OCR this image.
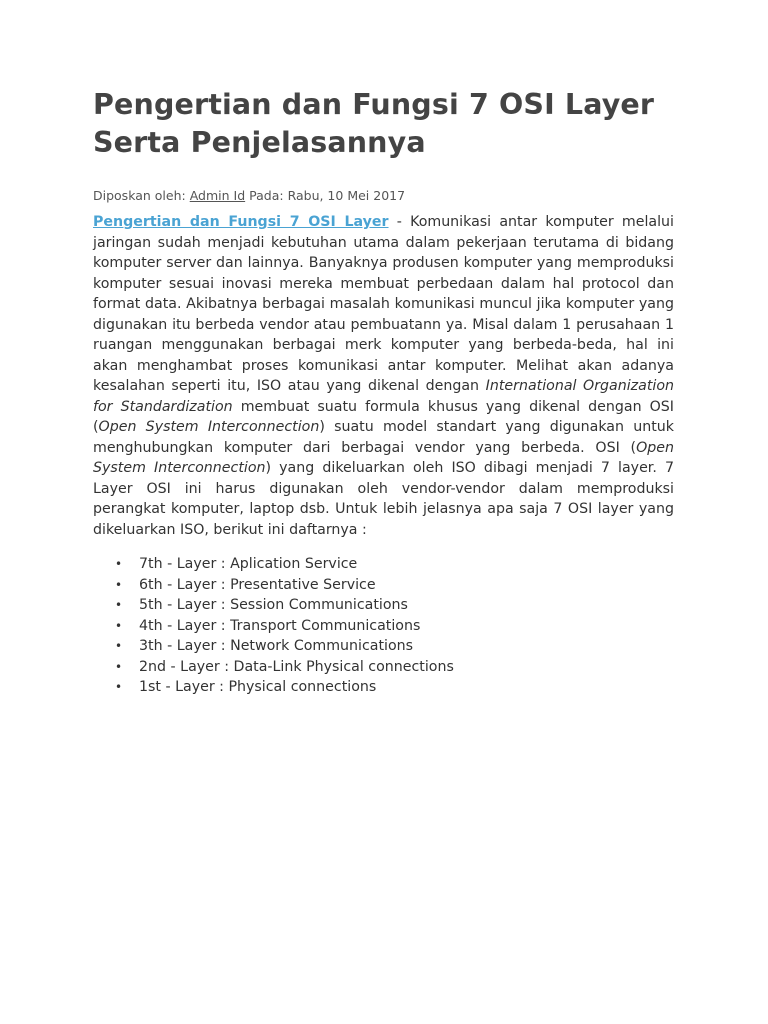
Pengertian dan Fungsi 7 OSI Layer Serta Penjelasannya
Diposkan oleh: Admin Id Pada: Rabu, 10 Mei 2017

Pengertian dan Fungsi 7 OSI Layer - Komunikasi antar komputer melalui jaringan sudah menjadi kebutuhan utama dalam pekerjaan terutama di bidang komputer server dan lainnya. Banyaknya produsen komputer yang memproduksi komputer sesuai inovasi mereka membuat perbedaan dalam hal protocol dan format data. Akibatnya berbagai masalah komunikasi muncul jika komputer yang digunakan itu berbeda vendor atau pembuatann ya. Misal dalam 1 perusahaan 1 ruangan menggunakan berbagai merk komputer yang berbeda-beda, hal ini akan menghambat proses komunikasi antar komputer. Melihat akan adanya kesalahan seperti itu, ISO atau yang dikenal dengan International Organization for Standardization membuat suatu formula khusus yang dikenal dengan OSI (Open System Interconnection) suatu model standart yang digunakan untuk menghubungkan komputer dari berbagai vendor yang berbeda. OSI (Open System Interconnection) yang dikeluarkan oleh ISO dibagi menjadi 7 layer. 7 Layer OSI ini harus digunakan oleh vendor-vendor dalam memproduksi perangkat komputer, laptop dsb. Untuk lebih jelasnya apa saja 7 OSI layer yang dikeluarkan ISO, berikut ini daftarnya :

• 7th - Layer : Aplication Service
• 6th - Layer : Presentative Service
• 5th - Layer : Session Communications
• 4th - Layer : Transport Communications
• 3th - Layer : Network Communications
• 2nd - Layer : Data-Link Physical connections
• 1st - Layer : Physical connections
